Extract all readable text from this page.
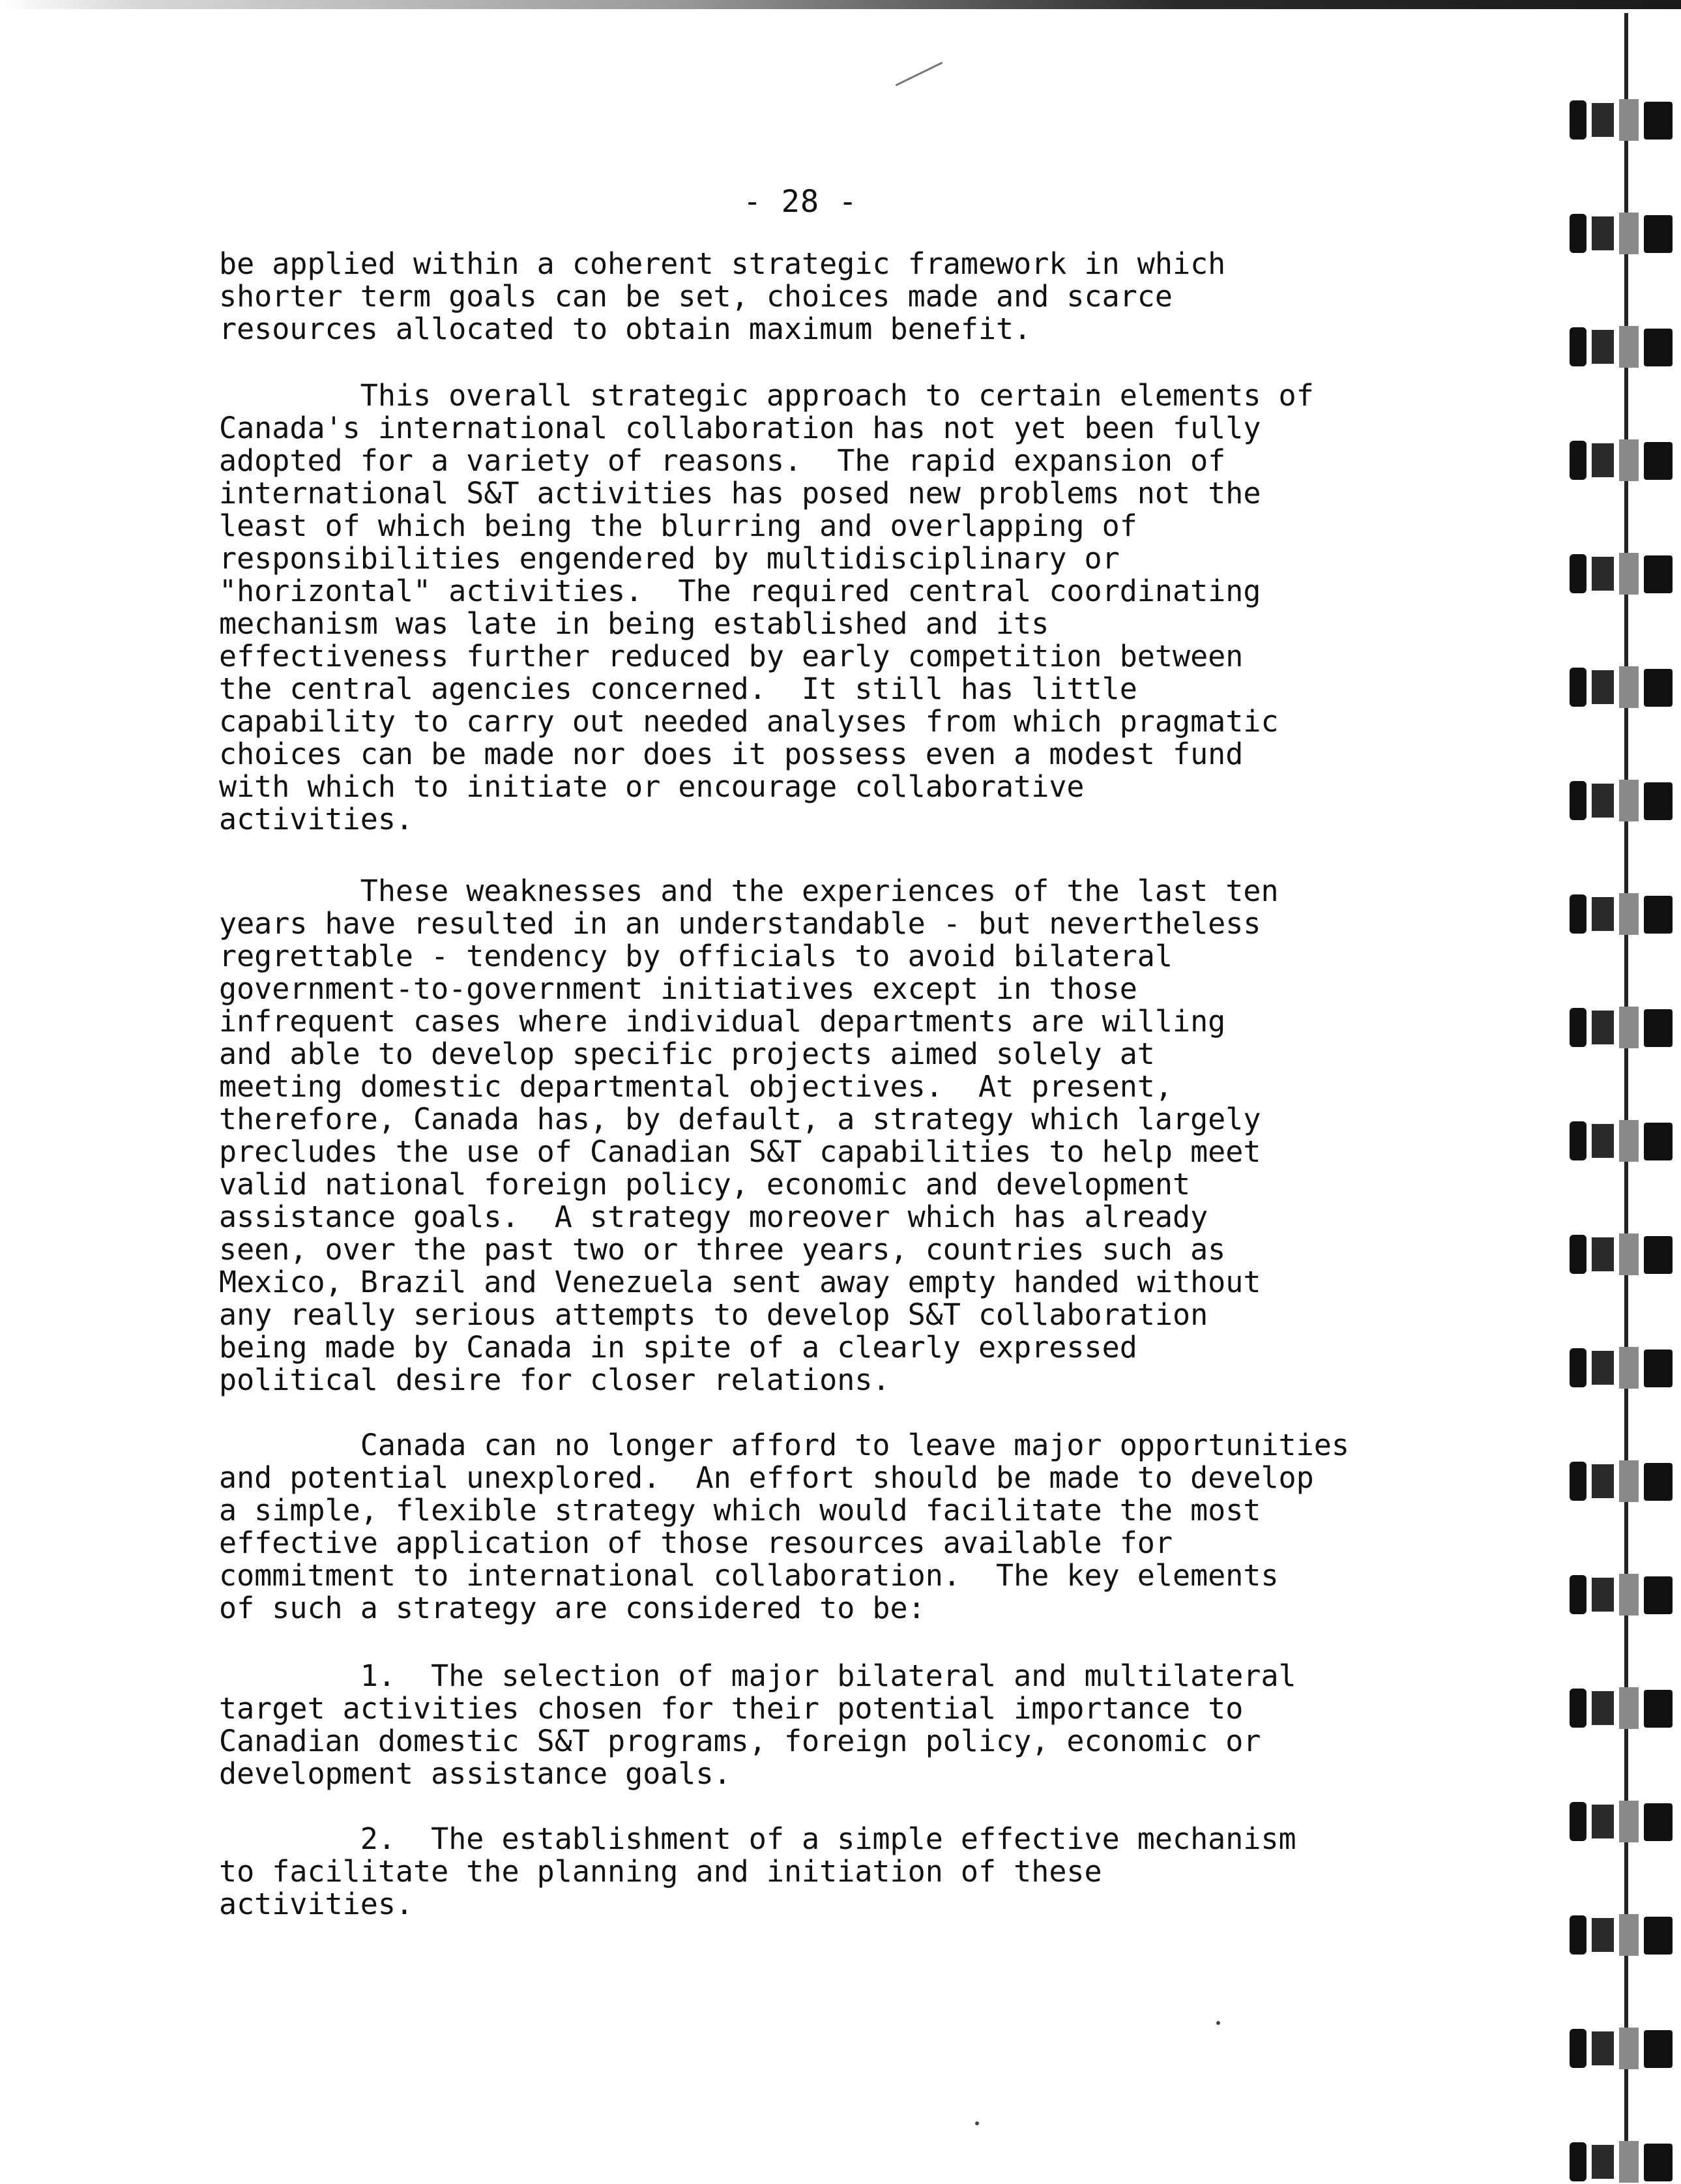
- 28 -

be applied within a coherent strategic framework in which
shorter term goals can be set, choices made and scarce
resources allocated to obtain maximum benefit.

This overall strategic approach to certain elements of
Canada's international collaboration has not yet been fully
adopted for a variety of reasons.  The rapid expansion of
international S&T activities has posed new problems not the
least of which being the blurring and overlapping of
responsibilities engendered by multidisciplinary or
"horizontal" activities.  The required central coordinating
mechanism was late in being established and its
effectiveness further reduced by early competition between
the central agencies concerned.  It still has little
capability to carry out needed analyses from which pragmatic
choices can be made nor does it possess even a modest fund
with which to initiate or encourage collaborative
activities.

These weaknesses and the experiences of the last ten
years have resulted in an understandable - but nevertheless
regrettable - tendency by officials to avoid bilateral
government-to-government initiatives except in those
infrequent cases where individual departments are willing
and able to develop specific projects aimed solely at
meeting domestic departmental objectives.  At present,
therefore, Canada has, by default, a strategy which largely
precludes the use of Canadian S&T capabilities to help meet
valid national foreign policy, economic and development
assistance goals.  A strategy moreover which has already
seen, over the past two or three years, countries such as
Mexico, Brazil and Venezuela sent away empty handed without
any really serious attempts to develop S&T collaboration
being made by Canada in spite of a clearly expressed
political desire for closer relations.

Canada can no longer afford to leave major opportunities
and potential unexplored.  An effort should be made to develop
a simple, flexible strategy which would facilitate the most
effective application of those resources available for
commitment to international collaboration.  The key elements
of such a strategy are considered to be:

1.  The selection of major bilateral and multilateral
target activities chosen for their potential importance to
Canadian domestic S&T programs, foreign policy, economic or
development assistance goals.

2.  The establishment of a simple effective mechanism
to facilitate the planning and initiation of these
activities.
